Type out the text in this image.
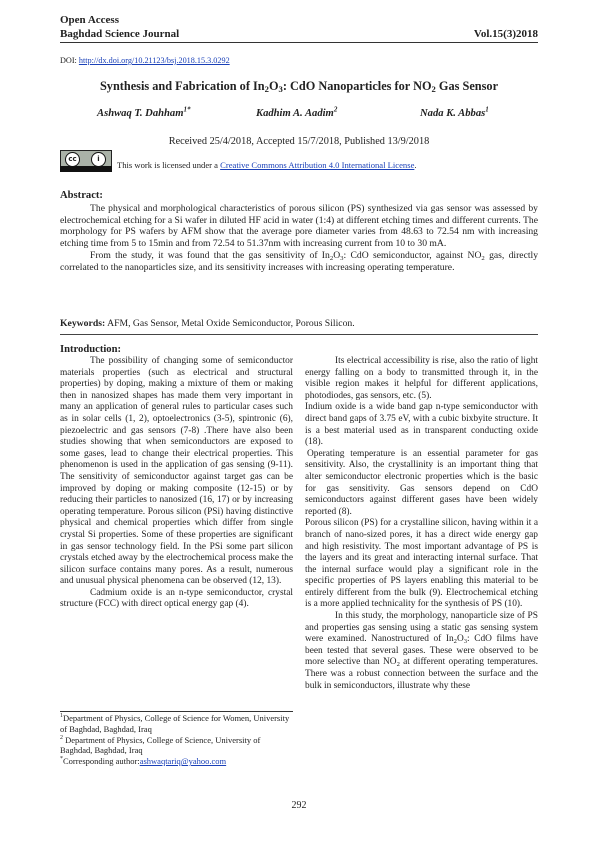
Open Access
Baghdad Science Journal	Vol.15(3)2018
DOI: http://dx.doi.org/10.21123/bsj.2018.15.3.0292
Synthesis and Fabrication of $In_2O_3$: CdO Nanoparticles for $NO_2$ Gas Sensor
Ashwaq T. Dahham$^{1*}$	Kadhim A. Aadim$^2$	Nada K. Abbas$^1$
Received 25/4/2018, Accepted 15/7/2018, Published 13/9/2018
cc	i
This work is licensed under a Creative Commons Attribution 4.0 International License.
Abstract:

The physical and morphological characteristics of porous silicon (PS) synthesized via gas sensor was assessed by electrochemical etching for a Si wafer in diluted HF acid in water (1:4) at different etching times and different currents. The morphology for PS wafers by AFM show that the average pore diameter varies from 48.63 to 72.54 nm with increasing etching time from 5 to 15min and from 72.54 to 51.37nm with increasing current from 10 to 30 mA.

From the study, it was found that the gas sensitivity of $In_2O_3$: CdO semiconductor, against $NO_2$ gas, directly correlated to the nanoparticles size, and its sensitivity increases with increasing operating temperature.

Keywords: AFM, Gas Sensor, Metal Oxide Semiconductor, Porous Silicon.
Introduction:

The possibility of changing some of semiconductor materials properties (such as electrical and structural properties) by doping, making a mixture of them or making then in nanosized shapes has made them very important in many an application of general rules to particular cases such as in solar cells (1, 2), optoelectronics (3-5), spintronic (6), piezoelectric and gas sensors (7-8) .There have also been studies showing that when semiconductors are exposed to some gases, lead to change their electrical properties. This phenomenon is used in the application of gas sensing (9-11). The sensitivity of semiconductor against target gas can be improved by doping or making composite (12-15) or by reducing their particles to nanosized (16, 17) or by increasing operating temperature. Porous silicon (PSi) having distinctive physical and chemical properties which differ from single crystal Si properties. Some of these properties are significant in gas sensor technology field. In the PSi some part silicon crystals etched away by the electrochemical process make the silicon surface contains many pores. As a result, numerous and unusual physical phenomena can be observed (12, 13).

Cadmium oxide is an n-type semiconductor, crystal structure (FCC) with direct optical energy gap (4).

Its electrical accessibility is rise, also the ratio of light energy falling on a body to transmitted through it, in the visible region makes it helpful for different applications, photodiodes, gas sensors, etc. (5).

Indium oxide is a wide band gap n-type semiconductor with direct band gaps of 3.75 eV, with a cubic bixbyite structure. It is a best material used as in transparent conducting oxide (18).

Operating temperature is an essential parameter for gas sensitivity. Also, the crystallinity is an important thing that alter semiconductor electronic properties which is the basic for gas sensitivity. Gas sensors depend on CdO semiconductors against different gases have been widely reported (8).

Porous silicon (PS) for a crystalline silicon, having within it a branch of nano-sized pores, it has a direct wide energy gap and high resistivity. The most important advantage of PS is the layers and its great and interacting internal surface. That the internal surface would play a significant role in the specific properties of PS layers enabling this material to be entirely different from the bulk (9). Electrochemical etching is a more applied technicality for the synthesis of PS (10).

In this study, the morphology, nanoparticle size of PS and properties gas sensing using a static gas sensing system were examined. Nanostructured of $In_2O_3$: CdO films have been tested that several gases. These were observed to be more selective than $NO_2$ at different operating temperatures. There was a robust connection between the surface and the bulk in semiconductors, illustrate why these

$^1$Department of Physics, College of Science for Women, University of Baghdad, Baghdad, Iraq

$^2$ Department of Physics, College of Science, University of Baghdad, Baghdad, Iraq

*Corresponding author:ashwaqtariq@yahoo.com

292
